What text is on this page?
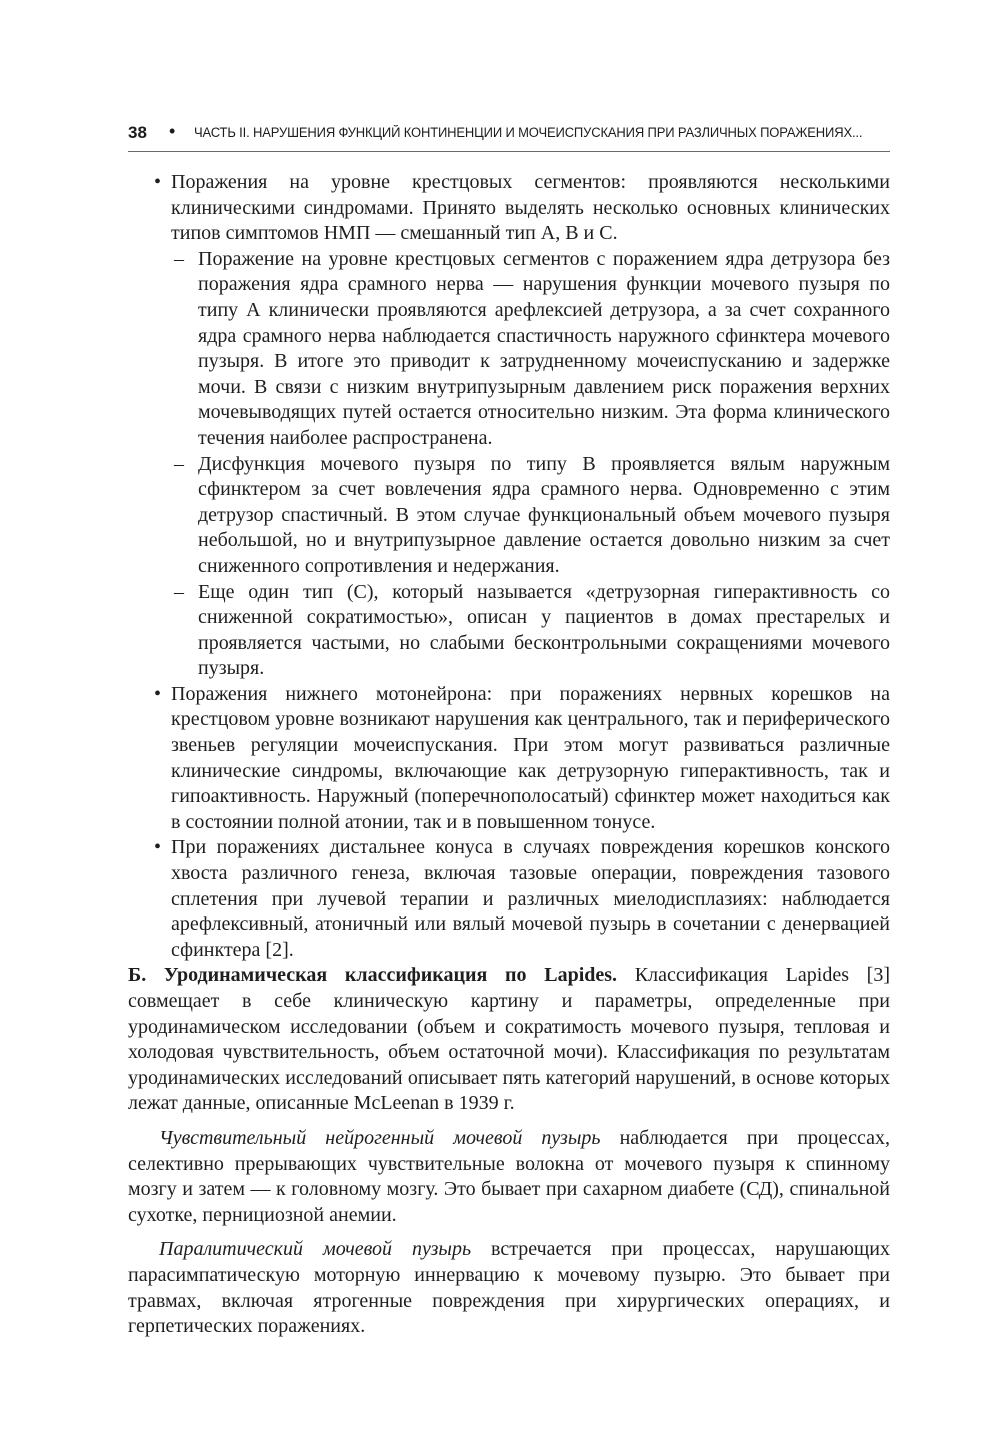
38 • ЧАСТЬ II. НАРУШЕНИЯ ФУНКЦИЙ КОНТИНЕНЦИИ И МОЧЕИСПУСКАНИЯ ПРИ РАЗЛИЧНЫХ ПОРАЖЕНИЯХ...
• Поражения на уровне крестцовых сегментов: проявляются несколькими клиническими синдромами. Принято выделять несколько основных клинических типов симптомов НМП — смешанный тип А, В и С.
– Поражение на уровне крестцовых сегментов с поражением ядра детрузора без поражения ядра срамного нерва — нарушения функции мочевого пузыря по типу А клинически проявляются арефлексией детрузора, а за счет сохранного ядра срамного нерва наблюдается спастичность наружного сфинктера мочевого пузыря. В итоге это приводит к затрудненному мочеиспусканию и задержке мочи. В связи с низким внутрипузырным давлением риск поражения верхних мочевыводящих путей остается относительно низким. Эта форма клинического течения наиболее распространена.
– Дисфункция мочевого пузыря по типу В проявляется вялым наружным сфинктером за счет вовлечения ядра срамного нерва. Одновременно с этим детрузор спастичный. В этом случае функциональный объем мочевого пузыря небольшой, но и внутрипузырное давление остается довольно низким за счет сниженного сопротивления и недержания.
– Еще один тип (С), который называется «детрузорная гиперактивность со сниженной сократимостью», описан у пациентов в домах престарелых и проявляется частыми, но слабыми бесконтрольными сокращениями мочевого пузыря.
• Поражения нижнего мотонейрона: при поражениях нервных корешков на крестцовом уровне возникают нарушения как центрального, так и периферического звеньев регуляции мочеиспускания. При этом могут развиваться различные клинические синдромы, включающие как детрузорную гиперактивность, так и гипоактивность. Наружный (поперечнополосатый) сфинктер может находиться как в состоянии полной атонии, так и в повышенном тонусе.
• При поражениях дистальнее конуса в случаях повреждения корешков конского хвоста различного генеза, включая тазовые операции, повреждения тазового сплетения при лучевой терапии и различных миелодисплазиях: наблюдается арефлексивный, атоничный или вялый мочевой пузырь в сочетании с денервацией сфинктера [2].

Б. Уродинамическая классификация по Lapides. Классификация Lapides [3] совмещает в себе клиническую картину и параметры, определенные при уродинамическом исследовании (объем и сократимость мочевого пузыря, тепловая и холодовая чувствительность, объем остаточной мочи). Классификация по результатам уродинамических исследований описывает пять категорий нарушений, в основе которых лежат данные, описанные McLeenan в 1939 г.

Чувствительный нейрогенный мочевой пузырь наблюдается при процессах, селективно прерывающих чувствительные волокна от мочевого пузыря к спинному мозгу и затем — к головному мозгу. Это бывает при сахарном диабете (СД), спинальной сухотке, пернициозной анемии.

Паралитический мочевой пузырь встречается при процессах, нарушающих парасимпатическую моторную иннервацию к мочевому пузырю. Это бывает при травмах, включая ятрогенные повреждения при хирургических операциях, и герпетических поражениях.
